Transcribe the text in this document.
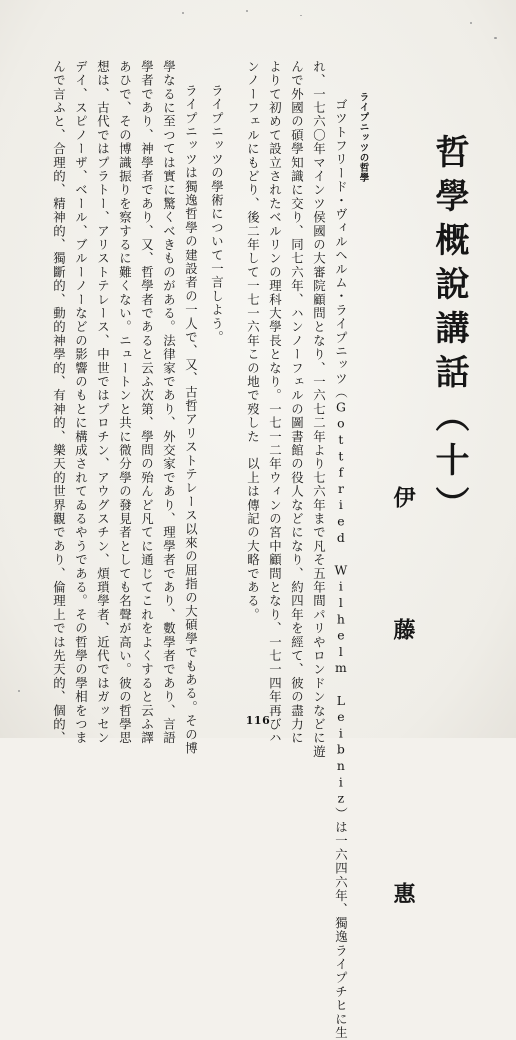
哲學概說講話（十）
伊　藤　　　惠
ライプニッツの哲學
ゴツトフリード・ヴィルヘルム・ライプニッツ（Gottfried Wilhelm Leibniz）は一六四六年、獨逸ライプチヒに生
れ、一七六〇年マインツ侯國の大審院顧問となり、一六七二年より七六年まで凡そ五年間パリやロンドンなどに遊
んで外國の碩學知識に交り、同七六年、ハンノーフェルの圖書館の役人などになり、約四年を經て、彼の盡力に
よりて初めて設立されたベルリンの理科大學長となり。一七一二年ウィンの宮中顧問となり、一七一四年再びハ
ンノーフェルにもどり、後二年して一七一六年この地で歿した　以上は傳記の大略である。
ライプニッツの學術について一言しよう。
ライプニッツは獨逸哲學の建設者の一人で、又、古哲アリストテレース以來の屈指の大碩學でもある。その博
學なるに至つては實に驚くべきものがある。法律家であり、外交家であり、理學者であり、數學者であり、言語
學者であり、神學者であり、又、哲學者であると云ふ次第、學問の殆んど凡てに通じてこれをよくすると云ふ譯
あひで、その博識振りを察するに難くない。ニュートンと共に微分學の發見者としても名聲が高い。彼の哲學思
想は、古代ではプラトー、アリストテレース、中世ではプロチン、アウグスチン、煩瑣學者、近代ではガッセン
デイ、スピノーザ、ベール、ブルーノーなどの影響のもとに構成されてゐるやうである。その哲學の學相をつま
んで言ふと、合理的、精神的、獨斷的、動的神學的、有神的、樂天的世界觀であり、倫理上では先天的、個的、	116
